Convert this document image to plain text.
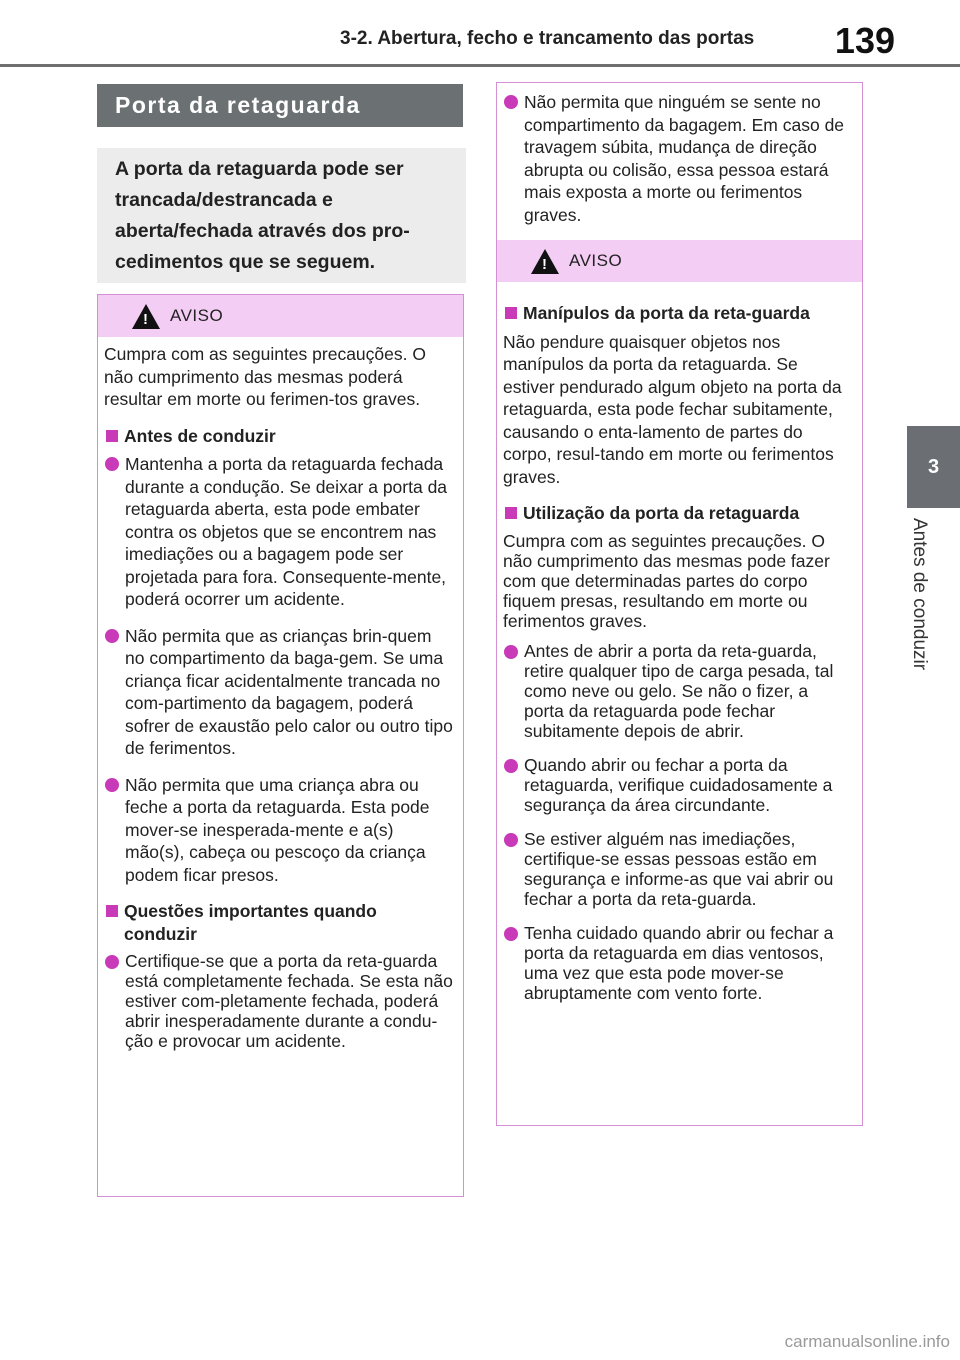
3-2. Abertura, fecho e trancamento das portas 139
3
Antes de conduzir
Porta da retaguarda
A porta da retaguarda pode ser trancada/destrancada e aberta/fechada através dos pro-cedimentos que se seguem.
!
AVISO

Cumpra com as seguintes precauções. O não cumprimento das mesmas poderá resultar em morte ou ferimen-tos graves.

Antes de conduzir
Mantenha a porta da retaguarda fechada durante a condução. Se deixar a porta da retaguarda aberta, esta pode embater contra os objetos que se encontrem nas imediações ou a bagagem pode ser projetada para fora. Consequente-mente, poderá ocorrer um acidente.
Não permita que as crianças brin-quem no compartimento da baga-gem. Se uma criança ficar acidentalmente trancada no com-partimento da bagagem, poderá sofrer de exaustão pelo calor ou outro tipo de ferimentos.
Não permita que uma criança abra ou feche a porta da retaguarda. Esta pode mover-se inesperada-mente e a(s) mão(s), cabeça ou pescoço da criança podem ficar presos.
Questões importantes quando conduzir
Certifique-se que a porta da reta-guarda está completamente fechada. Se esta não estiver com-pletamente fechada, poderá abrir inesperadamente durante a condu-ção e provocar um acidente.
Não permita que ninguém se sente no compartimento da bagagem. Em caso de travagem súbita, mudança de direção abrupta ou colisão, essa pessoa estará mais exposta a morte ou ferimentos graves.
!
AVISO
Manípulos da porta da reta-guarda

Não pendure quaisquer objetos nos manípulos da porta da retaguarda. Se estiver pendurado algum objeto na porta da retaguarda, esta pode fechar subitamente, causando o enta-lamento de partes do corpo, resul-tando em morte ou ferimentos graves.

Utilização da porta da retaguarda

Cumpra com as seguintes precauções. O não cumprimento das mesmas pode fazer com que determinadas partes do corpo fiquem presas, resultando em morte ou ferimentos graves.

Antes de abrir a porta da reta-guarda, retire qualquer tipo de carga pesada, tal como neve ou gelo. Se não o fizer, a porta da retaguarda pode fechar subitamente depois de abrir.
Quando abrir ou fechar a porta da retaguarda, verifique cuidadosamente a segurança da área circundante.
Se estiver alguém nas imediações, certifique-se essas pessoas estão em segurança e informe-as que vai abrir ou fechar a porta da reta-guarda.
Tenha cuidado quando abrir ou fechar a porta da retaguarda em dias ventosos, uma vez que esta pode mover-se abruptamente com vento forte.
carmanualsonline.info
